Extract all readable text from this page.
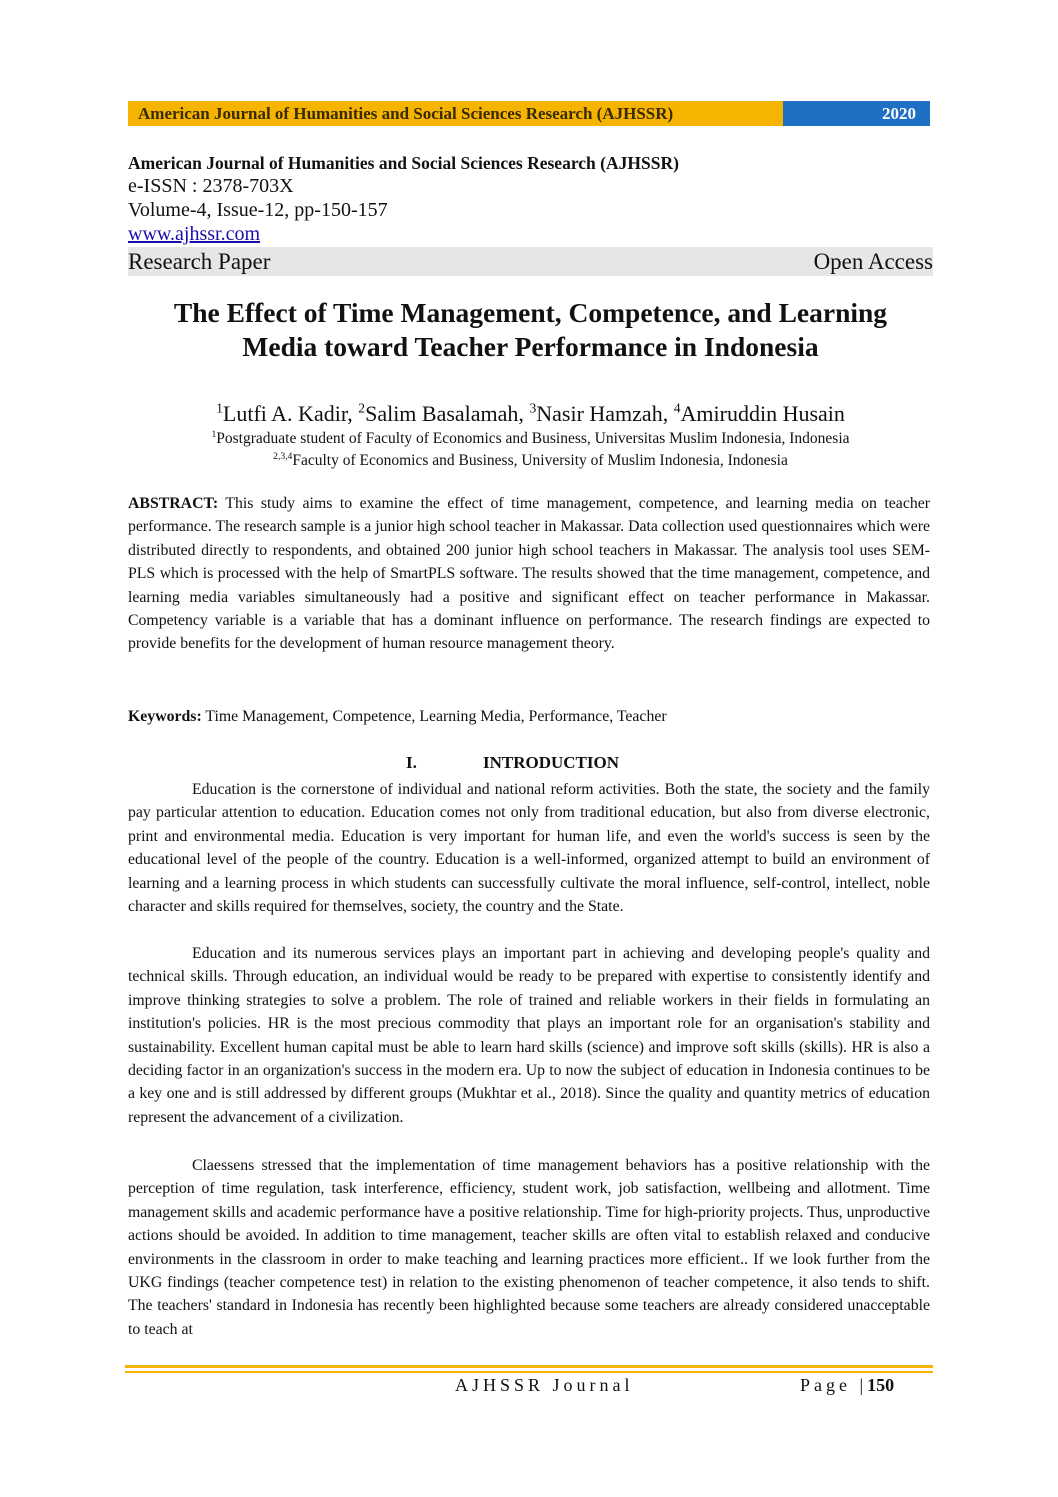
American Journal of Humanities and Social Sciences Research (AJHSSR)	2020
American Journal of Humanities and Social Sciences Research (AJHSSR)
e-ISSN : 2378-703X
Volume-4, Issue-12, pp-150-157
www.ajhssr.com
Research Paper	Open Access
The Effect of Time Management, Competence, and Learning
Media toward Teacher Performance in Indonesia
$^1$Lutfi A. Kadir, $^2$Salim Basalamah, $^3$Nasir Hamzah, $^4$Amiruddin Husain
$^1$Postgraduate student of Faculty of Economics and Business, Universitas Muslim Indonesia, Indonesia
$^{2,3,4}$Faculty of Economics and Business, University of Muslim Indonesia, Indonesia
ABSTRACT: This study aims to examine the effect of time management, competence, and learning media on teacher performance. The research sample is a junior high school teacher in Makassar. Data collection used questionnaires which were distributed directly to respondents, and obtained 200 junior high school teachers in Makassar. The analysis tool uses SEM-PLS which is processed with the help of SmartPLS software. The results showed that the time management, competence, and learning media variables simultaneously had a positive and significant effect on teacher performance in Makassar. Competency variable is a variable that has a dominant influence on performance. The research findings are expected to provide benefits for the development of human resource management theory.
Keywords: Time Management, Competence, Learning Media, Performance, Teacher
I.	INTRODUCTION
Education is the cornerstone of individual and national reform activities. Both the state, the society and the family pay particular attention to education. Education comes not only from traditional education, but also from diverse electronic, print and environmental media. Education is very important for human life, and even the world's success is seen by the educational level of the people of the country. Education is a well-informed, organized attempt to build an environment of learning and a learning process in which students can successfully cultivate the moral influence, self-control, intellect, noble character and skills required for themselves, society, the country and the State.
Education and its numerous services plays an important part in achieving and developing people's quality and technical skills. Through education, an individual would be ready to be prepared with expertise to consistently identify and improve thinking strategies to solve a problem. The role of trained and reliable workers in their fields in formulating an institution's policies. HR is the most precious commodity that plays an important role for an organisation's stability and sustainability. Excellent human capital must be able to learn hard skills (science) and improve soft skills (skills). HR is also a deciding factor in an organization's success in the modern era. Up to now the subject of education in Indonesia continues to be a key one and is still addressed by different groups (Mukhtar et al., 2018). Since the quality and quantity metrics of education represent the advancement of a civilization.
Claessens stressed that the implementation of time management behaviors has a positive relationship with the perception of time regulation, task interference, efficiency, student work, job satisfaction, wellbeing and allotment. Time management skills and academic performance have a positive relationship. Time for high-priority projects. Thus, unproductive actions should be avoided. In addition to time management, teacher skills are often vital to establish relaxed and conducive environments in the classroom in order to make teaching and learning practices more efficient.. If we look further from the UKG findings (teacher competence test) in relation to the existing phenomenon of teacher competence, it also tends to shift. The teachers' standard in Indonesia has recently been highlighted because some teachers are already considered unacceptable to teach at
AJHSSR Journal	Page |150
